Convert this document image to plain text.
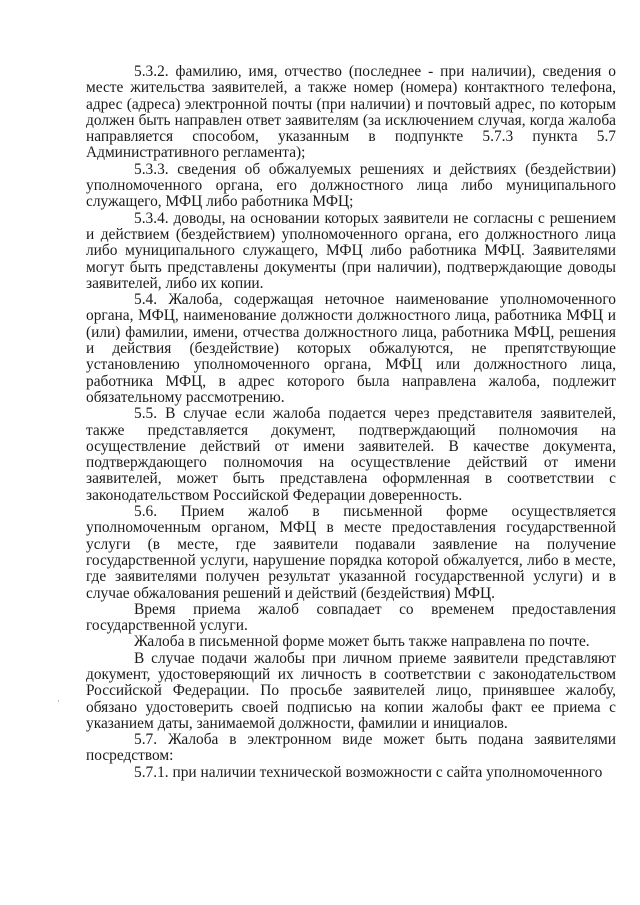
5.3.2. фамилию, имя, отчество (последнее - при наличии), сведения о месте жительства заявителей, а также номер (номера) контактного телефона, адрес (адреса) электронной почты (при наличии) и почтовый адрес, по которым должен быть направлен ответ заявителям (за исключением случая, когда жалоба направляется способом, указанным в подпункте 5.7.3 пункта 5.7 Административного регламента);

5.3.3. сведения об обжалуемых решениях и действиях (бездействии) уполномоченного органа, его должностного лица либо муниципального служащего, МФЦ либо работника МФЦ;

5.3.4. доводы, на основании которых заявители не согласны с решением и действием (бездействием) уполномоченного органа, его должностного лица либо муниципального служащего, МФЦ либо работника МФЦ. Заявителями могут быть представлены документы (при наличии), подтверждающие доводы заявителей, либо их копии.

5.4. Жалоба, содержащая неточное наименование уполномоченного органа, МФЦ, наименование должности должностного лица, работника МФЦ и (или) фамилии, имени, отчества должностного лица, работника МФЦ, решения и действия (бездействие) которых обжалуются, не препятствующие установлению уполномоченного органа, МФЦ или должностного лица, работника МФЦ, в адрес которого была направлена жалоба, подлежит обязательному рассмотрению.

5.5. В случае если жалоба подается через представителя заявителей, также представляется документ, подтверждающий полномочия на осуществление действий от имени заявителей. В качестве документа, подтверждающего полномочия на осуществление действий от имени заявителей, может быть представлена оформленная в соответствии с законодательством Российской Федерации доверенность.

5.6. Прием жалоб в письменной форме осуществляется уполномоченным органом, МФЦ в месте предоставления государственной услуги (в месте, где заявители подавали заявление на получение государственной услуги, нарушение порядка которой обжалуется, либо в месте, где заявителями получен результат указанной государственной услуги) и в случае обжалования решений и действий (бездействия) МФЦ.

Время приема жалоб совпадает со временем предоставления государственной услуги.

Жалоба в письменной форме может быть также направлена по почте.

В случае подачи жалобы при личном приеме заявители представляют документ, удостоверяющий их личность в соответствии с законодательством Российской Федерации. По просьбе заявителей лицо, принявшее жалобу, обязано удостоверить своей подписью на копии жалобы факт ее приема с указанием даты, занимаемой должности, фамилии и инициалов.

5.7. Жалоба в электронном виде может быть подана заявителями посредством:

5.7.1. при наличии технической возможности с сайта уполномоченного
